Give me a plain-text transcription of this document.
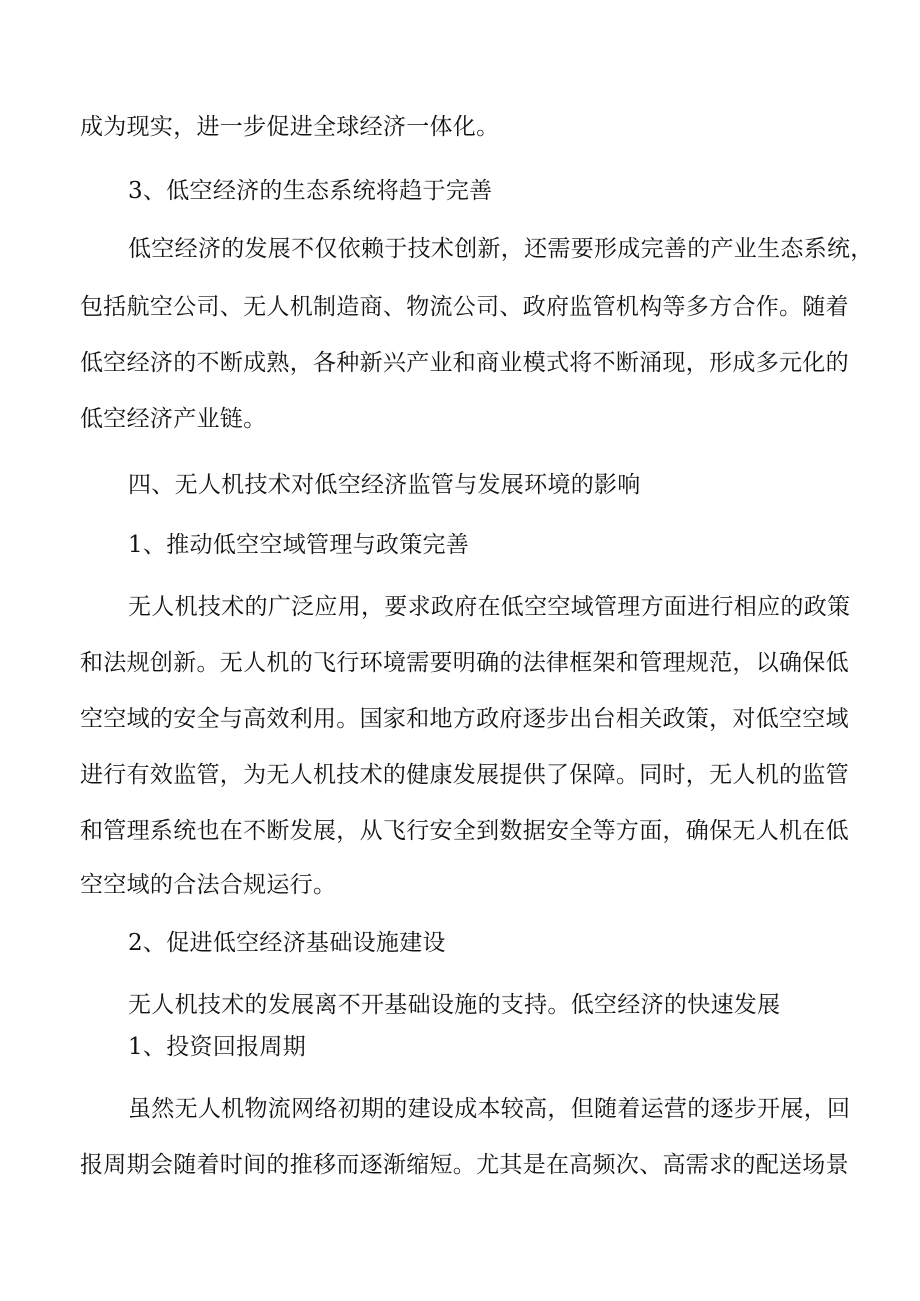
成为现实，进一步促进全球经济一体化。
3、低空经济的生态系统将趋于完善
低空经济的发展不仅依赖于技术创新，还需要形成完善的产业生态系统，
包括航空公司、无人机制造商、物流公司、政府监管机构等多方合作。随着
低空经济的不断成熟，各种新兴产业和商业模式将不断涌现，形成多元化的
低空经济产业链。
四、无人机技术对低空经济监管与发展环境的影响
1、推动低空空域管理与政策完善
无人机技术的广泛应用，要求政府在低空空域管理方面进行相应的政策
和法规创新。无人机的飞行环境需要明确的法律框架和管理规范，以确保低
空空域的安全与高效利用。国家和地方政府逐步出台相关政策，对低空空域
进行有效监管，为无人机技术的健康发展提供了保障。同时，无人机的监管
和管理系统也在不断发展，从飞行安全到数据安全等方面，确保无人机在低
空空域的合法合规运行。
2、促进低空经济基础设施建设
无人机技术的发展离不开基础设施的支持。低空经济的快速发展
1、投资回报周期
虽然无人机物流网络初期的建设成本较高，但随着运营的逐步开展，回
报周期会随着时间的推移而逐渐缩短。尤其是在高频次、高需求的配送场景
